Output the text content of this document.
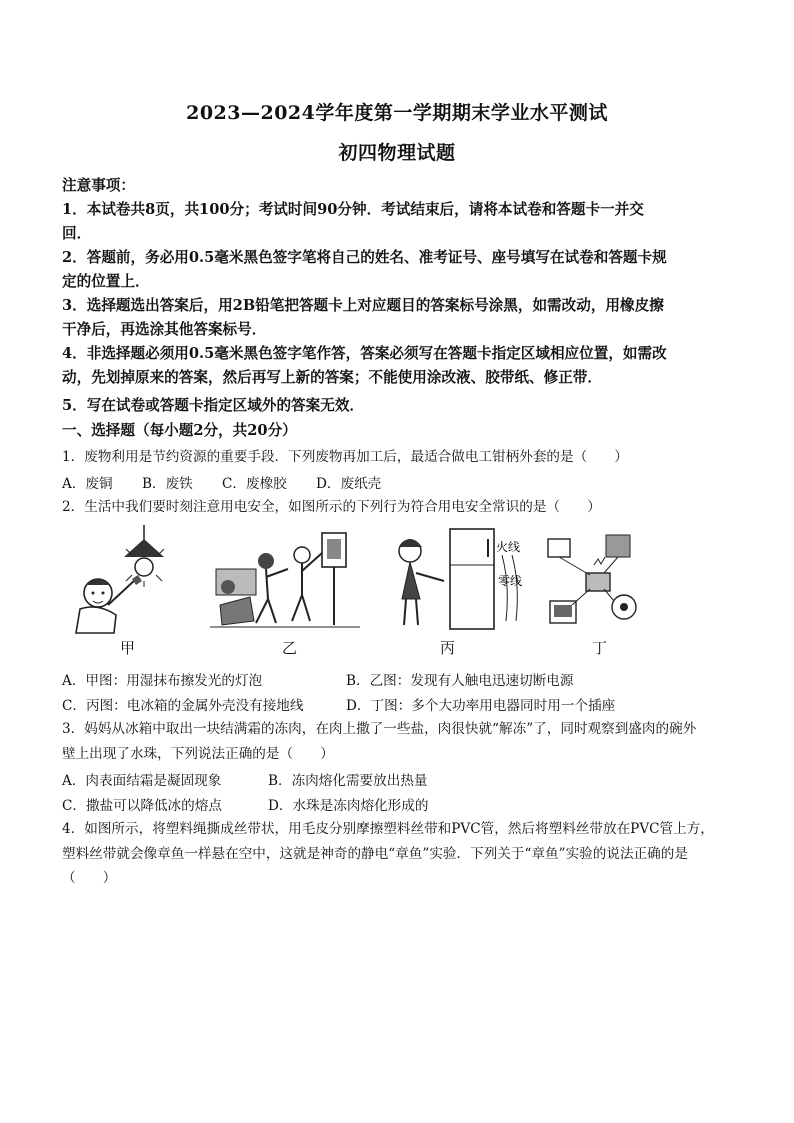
2023—2024学年度第一学期期末学业水平测试
初四物理试题
注意事项：
1．本试卷共8页，共100分；考试时间90分钟．考试结束后，请将本试卷和答题卡一并交
回．
2．答题前，务必用0.5毫米黑色签字笔将自己的姓名、准考证号、座号填写在试卷和答题卡规
定的位置上．
3．选择题选出答案后，用2B铅笔把答题卡上对应题目的答案标号涂黑，如需改动，用橡皮擦
干净后，再选涂其他答案标号．
4．非选择题必须用0.5毫米黑色签字笔作答，答案必须写在答题卡指定区域相应位置，如需改
动，先划掉原来的答案，然后再写上新的答案；不能使用涂改液、胶带纸、修正带．
5．写在试卷或答题卡指定区域外的答案无效．
一、选择题（每小题2分，共20分）
1．废物利用是节约资源的重要手段．下列废物再加工后，最适合做电工钳柄外套的是（　　）
A．废铜 B．废铁 C．废橡胶 D．废纸壳
2．生活中我们要时刻注意用电安全，如图所示的下列行为符合用电安全常识的是（　　）
火线
零线
甲	乙	丙	丁
A．甲图：用湿抹布擦发光的灯泡	B．乙图：发现有人触电迅速切断电源
C．丙图：电冰箱的金属外壳没有接地线	D．丁图：多个大功率用电器同时用一个插座
3．妈妈从冰箱中取出一块结满霜的冻肉，在肉上撒了一些盐，肉很快就“解冻”了，同时观察到盛肉的碗外
壁上出现了水珠，下列说法正确的是（　　）
A．肉表面结霜是凝固现象	B．冻肉熔化需要放出热量
C．撒盐可以降低冰的熔点	D．水珠是冻肉熔化形成的
4．如图所示，将塑料绳撕成丝带状，用毛皮分别摩擦塑料丝带和PVC管，然后将塑料丝带放在PVC管上方，
塑料丝带就会像章鱼一样悬在空中，这就是神奇的静电“章鱼”实验．下列关于“章鱼”实验的说法正确的是
（　　）
